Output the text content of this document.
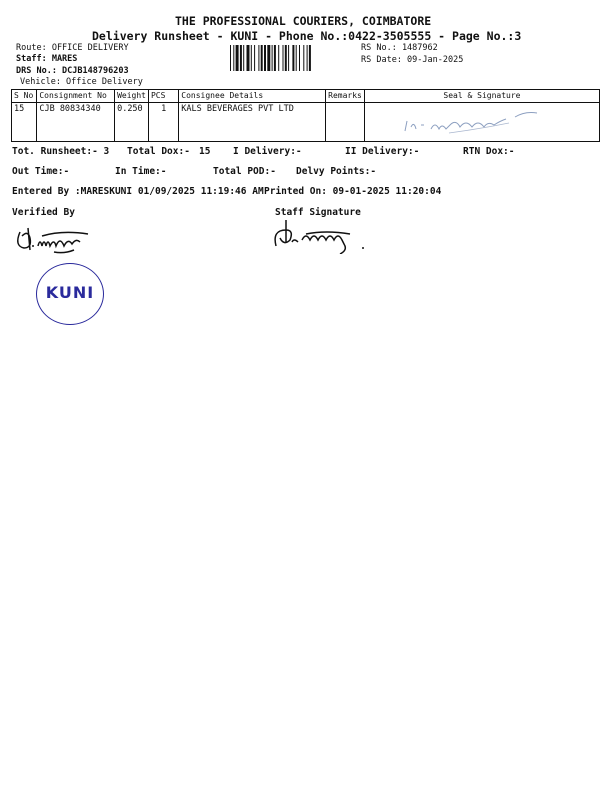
THE PROFESSIONAL COURIERS, COIMBATORE
Delivery Runsheet - KUNI - Phone No.:0422-3505555 - Page No.:3
Route: OFFICE DELIVERY
Staff: MARES
DRS No.: DCJB148796203
Vehicle: Office Delivery
RS No.: 1487962
RS Date: 09-Jan-2025
S No	Consignment No	Weight	PCS	Consignee Details	Remarks	Seal & Signature
15	CJB 80834340	0.250	1	KALS BEVERAGES PVT LTD		
Tot. Runsheet:- 3 Total Dox:- 15 I Delivery:-	II Delivery:-	RTN Dox:-
Out Time:-	In Time:-	Total POD:- Delvy Points:-
Entered By :MARESKUNI 01/09/2025 11:19:46 AM Printed On: 09-01-2025 11:20:04
Verified By	Staff Signature
KUNI
